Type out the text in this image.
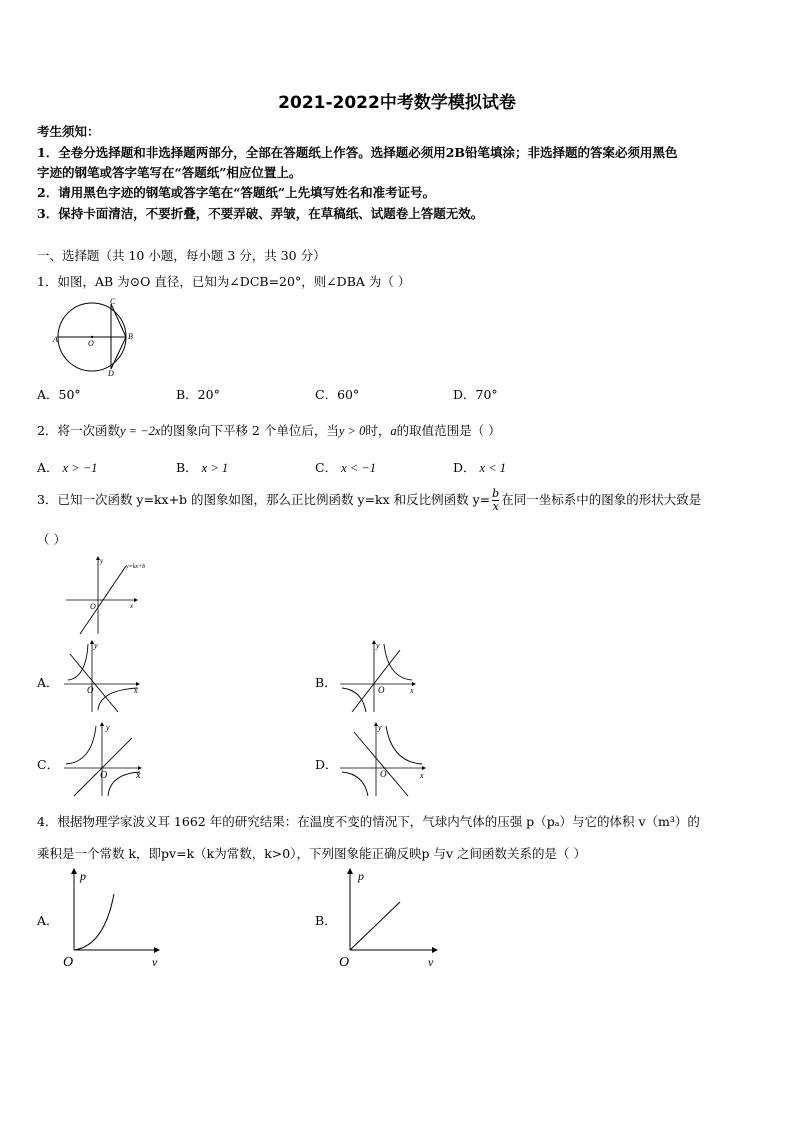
2021-2022中考数学模拟试卷
考生须知：
1．全卷分选择题和非选择题两部分，全部在答题纸上作答。选择题必须用2B铅笔填涂；非选择题的答案必须用黑色
字迹的钢笔或答字笔写在“答题纸”相应位置上。
2．请用黑色字迹的钢笔或答字笔在“答题纸”上先填写姓名和准考证号。
3．保持卡面清洁，不要折叠，不要弄破、弄皱，在草稿纸、试题卷上答题无效。
一、选择题（共 10 小题，每小题 3 分，共 30 分）
1．如图，AB 为⊙O 直径，已知为∠DCB=20°，则∠DBA 为（ ）
A	B
C
D
O
A．50°	B．20°	C．60°	D．70°
2．将一次函数y = −2x的图象向下平移 2 个单位后，当y > 0时，a的取值范围是（ ）
A． x > −1	B． x > 1	C． x < −1	D． x < 1
3．已知一次函数 y=kx+b 的图象如图，那么正比例函数 y=kx 和反比例函数 $y= \frac{b}{x}$ 在同一坐标系中的图象的形状大致是
（ ）
O	x
y
y=kx+b
A．	O	x
y
B．	O	x
y
C．
O	x
y
D．
O	x
y
4．根据物理学家波义耳 1662 年的研究结果：在温度不变的情况下，气球内气体的压强 p（pₐ）与它的体积 v（m³）的
乘积是一个常数 k，即pv=k（k为常数，k>0），下列图象能正确反映p 与v 之间函数关系的是（ ）
A．
O	v
p
B．
O	v
p
